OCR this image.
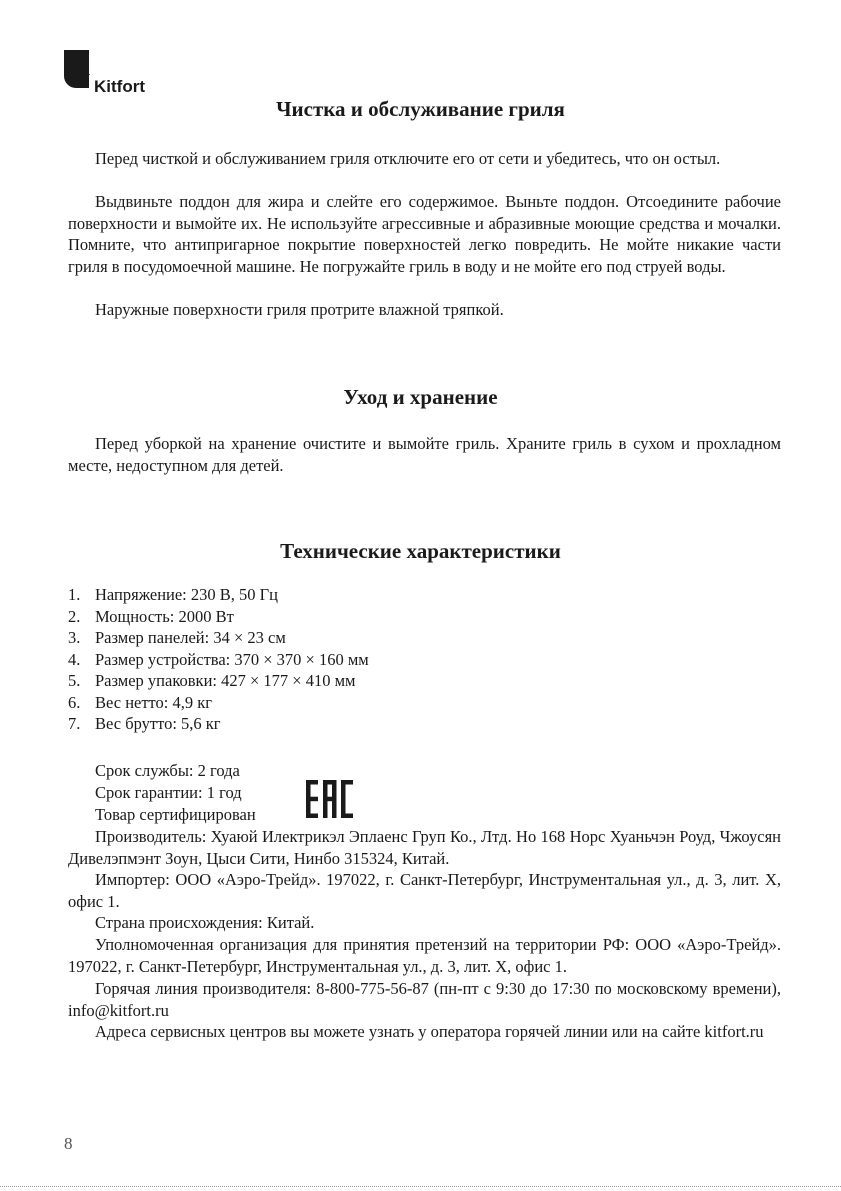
Kitfort
Чистка и обслуживание гриля

Перед чисткой и обслуживанием гриля отключите его от сети и убедитесь, что он остыл.

Выдвиньте поддон для жира и слейте его содержимое. Выньте поддон. Отсоедините рабочие поверхности и вымойте их. Не используйте агрессивные и абразивные моющие средства и мочалки. Помните, что антипригарное покрытие поверхностей легко повредить. Не мойте никакие части гриля в посудомоечной машине. Не погружайте гриль в воду и не мойте его под струей воды.

Наружные поверхности гриля протрите влажной тряпкой.

Уход и хранение

Перед уборкой на хранение очистите и вымойте гриль. Храните гриль в сухом и прохладном месте, недоступном для детей.

Технические характеристики
1. Напряжение: 230 В, 50 Гц
2. Мощность: 2000 Вт
3. Размер панелей: 34 × 23 см
4. Размер устройства: 370 × 370 × 160 мм
5. Размер упаковки: 427 × 177 × 410 мм
6. Вес нетто: 4,9 кг
7. Вес брутто: 5,6 кг
Срок службы: 2 года
Срок гарантии: 1 год
Товар сертифицирован

Производитель: Хуаюй Илектрикэл Эплаенс Груп Ко., Лтд. Но 168 Норс Хуаньчэн Роуд, Чжоусян Дивелэпмэнт Зоун, Цыси Сити, Нинбо 315324, Китай.

Импортер: ООО «Аэро-Трейд». 197022, г. Санкт-Петербург, Инструментальная ул., д. 3, лит. Х, офис 1.

Страна происхождения: Китай.

Уполномоченная организация для принятия претензий на территории РФ: ООО «Аэро-Трейд». 197022, г. Санкт-Петербург, Инструментальная ул., д. 3, лит. Х, офис 1.

Горячая линия производителя: 8-800-775-56-87 (пн-пт с 9:30 до 17:30 по московскому времени), info@kitfort.ru

Адреса сервисных центров вы можете узнать у оператора горячей линии или на сайте kitfort.ru

8
